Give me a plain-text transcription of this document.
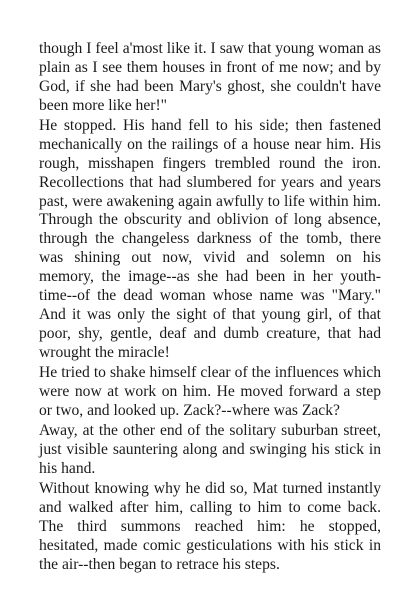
though I feel a'most like it. I saw that young woman as plain as I see them houses in front of me now; and by God, if she had been Mary's ghost, she couldn't have been more like her!"

He stopped. His hand fell to his side; then fastened mechanically on the railings of a house near him. His rough, misshapen fingers trembled round the iron. Recollections that had slumbered for years and years past, were awakening again awfully to life within him. Through the obscurity and oblivion of long absence, through the changeless darkness of the tomb, there was shining out now, vivid and solemn on his memory, the image--as she had been in her youth-time--of the dead woman whose name was "Mary." And it was only the sight of that young girl, of that poor, shy, gentle, deaf and dumb creature, that had wrought the miracle!

He tried to shake himself clear of the influences which were now at work on him. He moved forward a step or two, and looked up. Zack?--where was Zack?

Away, at the other end of the solitary suburban street, just visible sauntering along and swinging his stick in his hand.

Without knowing why he did so, Mat turned instantly and walked after him, calling to him to come back. The third summons reached him: he stopped, hesitated, made comic gesticulations with his stick in the air--then began to retrace his steps.
